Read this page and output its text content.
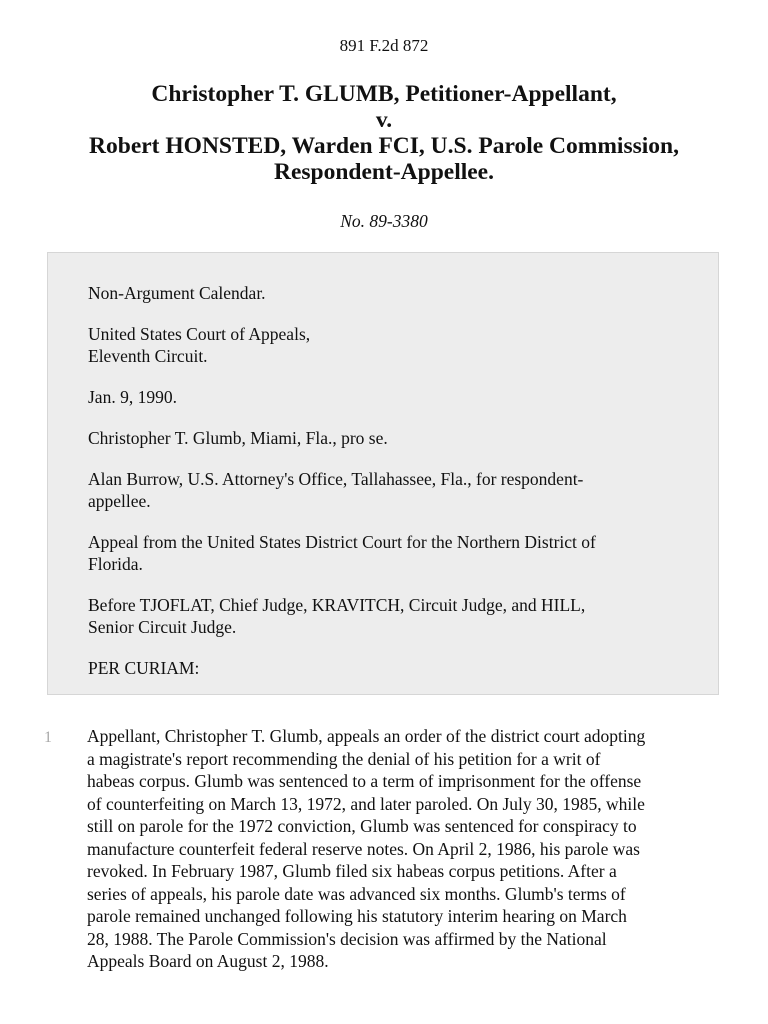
891 F.2d 872
Christopher T. GLUMB, Petitioner-Appellant,
v.
Robert HONSTED, Warden FCI, U.S. Parole Commission,
Respondent-Appellee.
No. 89-3380
Non-Argument Calendar.
United States Court of Appeals,
Eleventh Circuit.
Jan. 9, 1990.
Christopher T. Glumb, Miami, Fla., pro se.
Alan Burrow, U.S. Attorney's Office, Tallahassee, Fla., for respondent-
appellee.
Appeal from the United States District Court for the Northern District of
Florida.
Before TJOFLAT, Chief Judge, KRAVITCH, Circuit Judge, and HILL,
Senior Circuit Judge.
PER CURIAM:
1 Appellant, Christopher T. Glumb, appeals an order of the district court adopting
a magistrate's report recommending the denial of his petition for a writ of
habeas corpus. Glumb was sentenced to a term of imprisonment for the offense
of counterfeiting on March 13, 1972, and later paroled. On July 30, 1985, while
still on parole for the 1972 conviction, Glumb was sentenced for conspiracy to
manufacture counterfeit federal reserve notes. On April 2, 1986, his parole was
revoked. In February 1987, Glumb filed six habeas corpus petitions. After a
series of appeals, his parole date was advanced six months. Glumb's terms of
parole remained unchanged following his statutory interim hearing on March
28, 1988. The Parole Commission's decision was affirmed by the National
Appeals Board on August 2, 1988.
